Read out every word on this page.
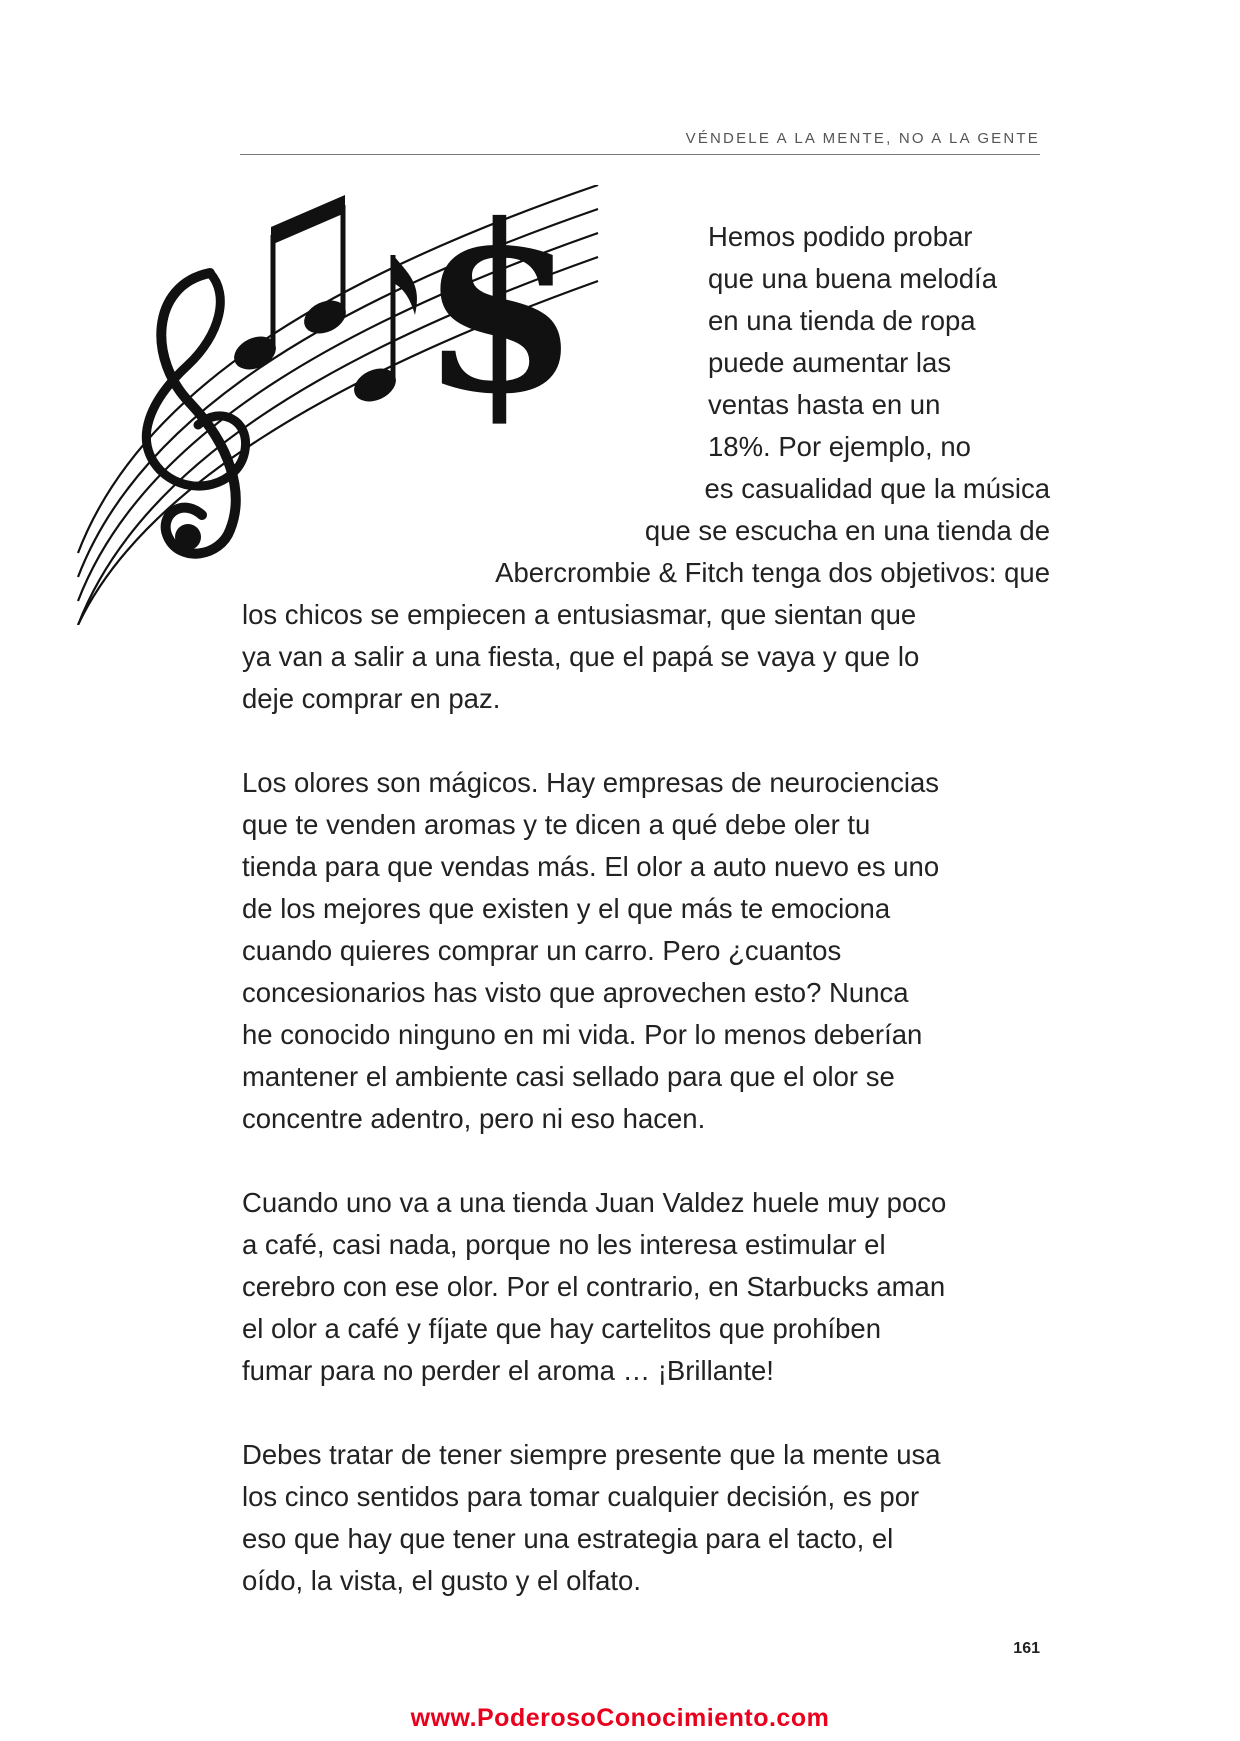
VÉNDELE A LA MENTE, NO A LA GENTE
$	Hemos podido probar
que una buena melodía
en una tienda de ropa
puede aumentar las
ventas hasta en un
18%. Por ejemplo, no
es casualidad que la música
que se escucha en una tienda de
Abercrombie & Fitch tenga dos objetivos: que
los chicos se empiecen a entusiasmar, que sientan que
ya van a salir a una fiesta, que el papá se vaya y que lo
deje comprar en paz.

Los olores son mágicos. Hay empresas de neurociencias
que te venden aromas y te dicen a qué debe oler tu
tienda para que vendas más. El olor a auto nuevo es uno
de los mejores que existen y el que más te emociona
cuando quieres comprar un carro. Pero ¿cuantos
concesionarios has visto que aprovechen esto? Nunca
he conocido ninguno en mi vida. Por lo menos deberían
mantener el ambiente casi sellado para que el olor se
concentre adentro, pero ni eso hacen.

Cuando uno va a una tienda Juan Valdez huele muy poco
a café, casi nada, porque no les interesa estimular el
cerebro con ese olor. Por el contrario, en Starbucks aman
el olor a café y fíjate que hay cartelitos que prohíben
fumar para no perder el aroma … ¡Brillante!

Debes tratar de tener siempre presente que la mente usa
los cinco sentidos para tomar cualquier decisión, es por
eso que hay que tener una estrategia para el tacto, el
oído, la vista, el gusto y el olfato.

161
www.PoderosoConocimiento.com
